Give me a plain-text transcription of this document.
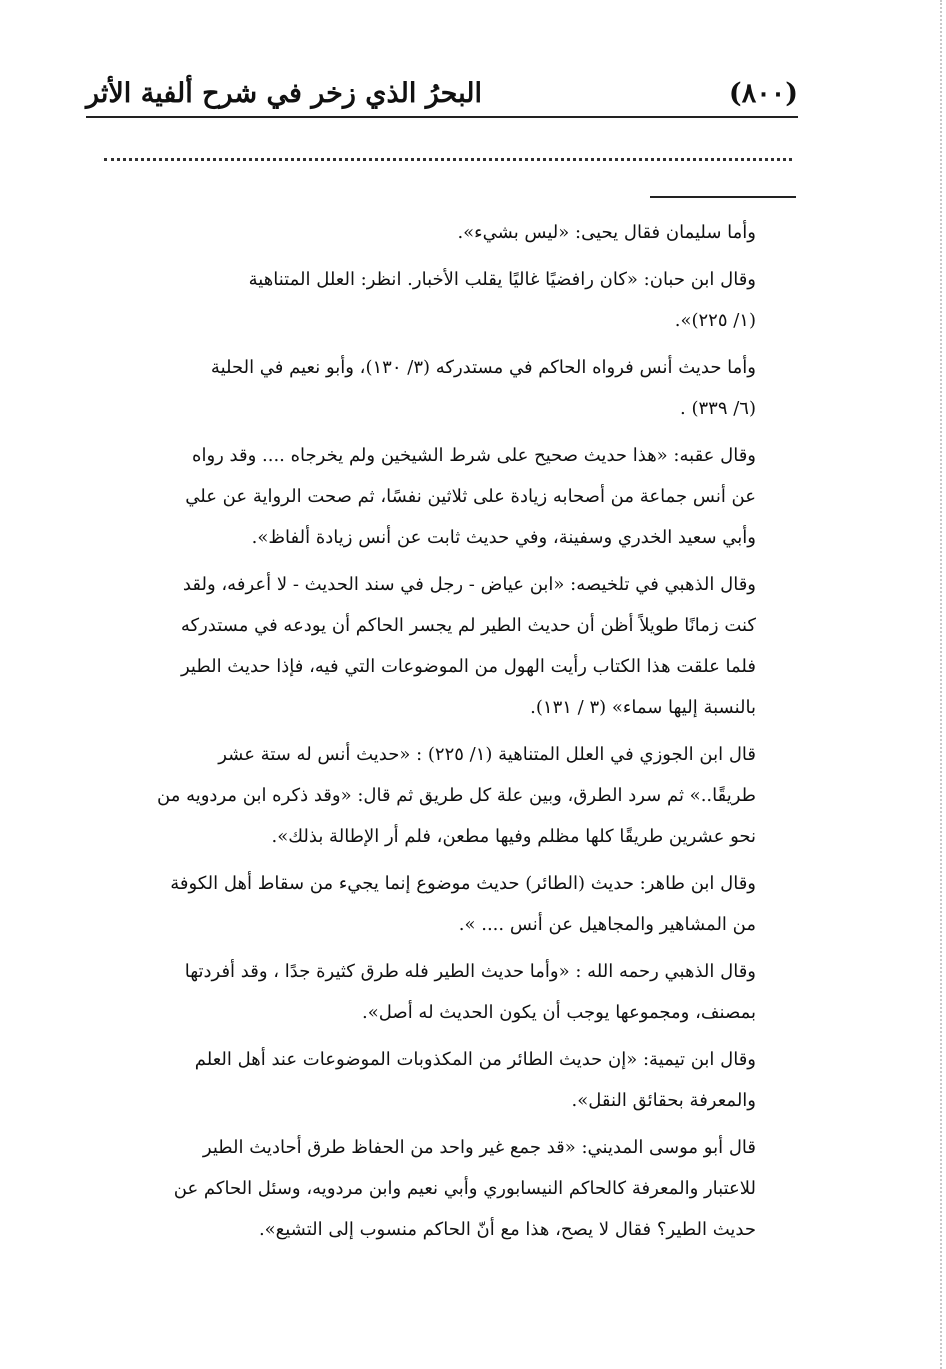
(٨٠٠)
البحرُ الذي زخر في شرح ألفية الأثر
وأما سليمان فقال يحيى: «ليس بشيء».
وقال ابن حبان: «كان رافضيًا غاليًا يقلب الأخبار. انظر: العلل المتناهية
(١/ ٢٢٥)».
وأما حديث أنس فرواه الحاكم في مستدركه (٣/ ١٣٠)، وأبو نعيم في الحلية
(٦/ ٣٣٩) .
وقال عقبه: «هذا حديث صحيح على شرط الشيخين ولم يخرجاه .... وقد رواه
عن أنس جماعة من أصحابه زيادة على ثلاثين نفسًا، ثم صحت الرواية عن علي
وأبي سعيد الخدري وسفينة، وفي حديث ثابت عن أنس زيادة ألفاظ».
وقال الذهبي في تلخيصه: «ابن عياض - رجل في سند الحديث - لا أعرفه، ولقد
كنت زمانًا طويلاً أظن أن حديث الطير لم يجسر الحاكم أن يودعه في مستدركه
فلما علقت هذا الكتاب رأيت الهول من الموضوعات التي فيه، فإذا حديث الطير
بالنسبة إليها سماء» (٣ / ١٣١).
قال ابن الجوزي في العلل المتناهية (١/ ٢٢٥) : «حديث أنس له ستة عشر
طريقًا..» ثم سرد الطرق، وبين علة كل طريق ثم قال: «وقد ذكره ابن مردويه من
نحو عشرين طريقًا كلها مظلم وفيها مطعن، فلم أر الإطالة بذلك».
وقال ابن طاهر: حديث (الطائر) حديث موضوع إنما يجيء من سقاط أهل الكوفة
من المشاهير والمجاهيل عن أنس .... ».
وقال الذهبي رحمه الله : «وأما حديث الطير فله طرق كثيرة جدًا ، وقد أفردتها
بمصنف، ومجموعها يوجب أن يكون الحديث له أصل».
وقال ابن تيمية: «إن حديث الطائر من المكذوبات الموضوعات عند أهل العلم
والمعرفة بحقائق النقل».
قال أبو موسى المديني: «قد جمع غير واحد من الحفاظ طرق أحاديث الطير
للاعتبار والمعرفة كالحاكم النيسابوري وأبي نعيم وابن مردويه، وسئل الحاكم عن
حديث الطير؟ فقال لا يصح، هذا مع أنّ الحاكم منسوب إلى التشيع».
